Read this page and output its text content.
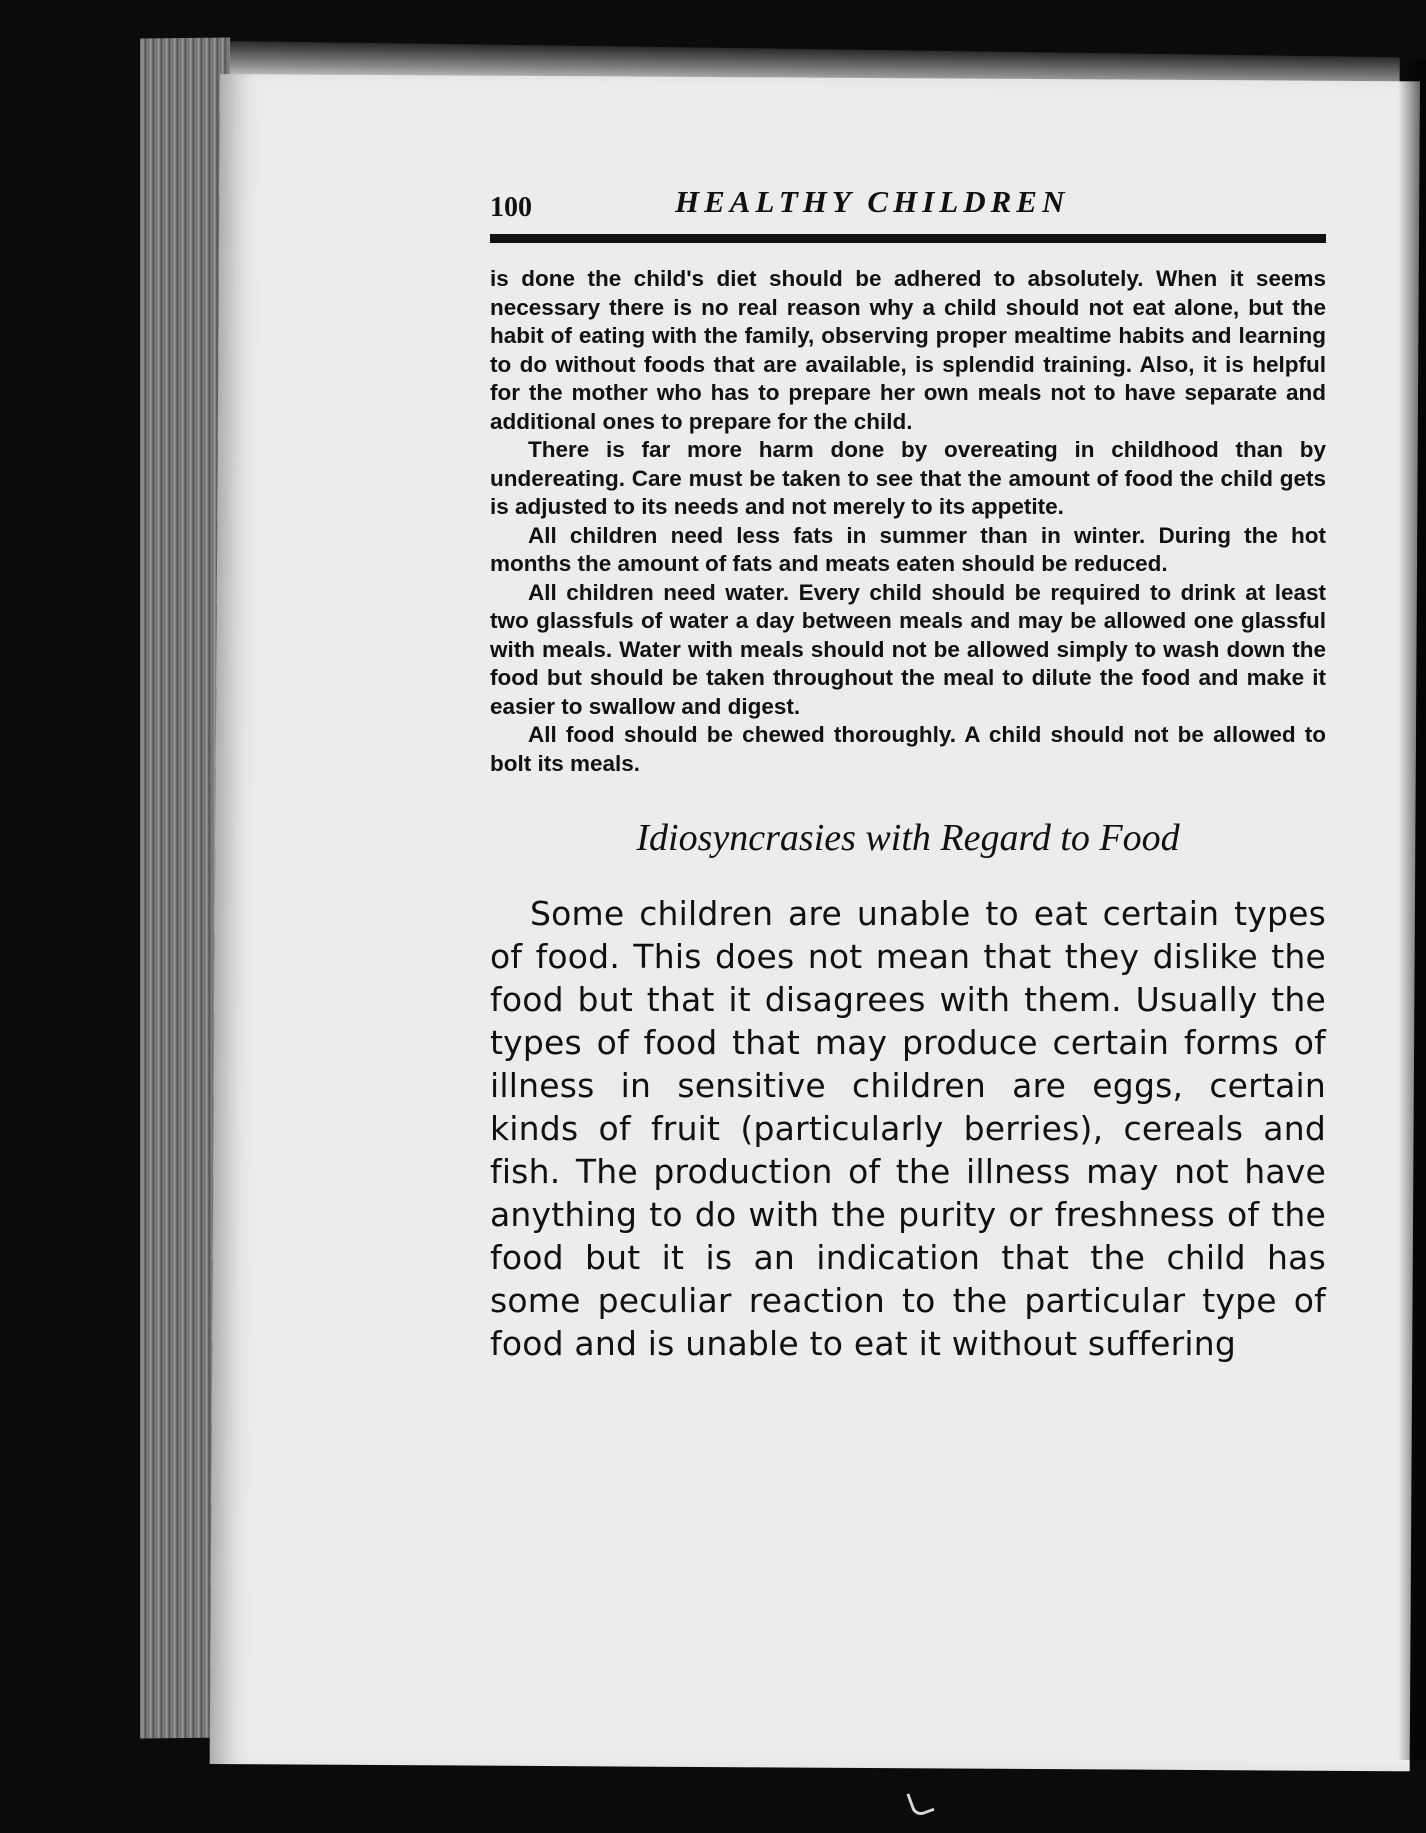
100	HEALTHY CHILDREN

is done the child's diet should be adhered to absolutely. When it seems necessary there is no real reason why a child should not eat alone, but the habit of eating with the family, observing proper mealtime habits and learning to do without foods that are available, is splendid training. Also, it is helpful for the mother who has to prepare her own meals not to have separate and additional ones to prepare for the child.

There is far more harm done by overeating in childhood than by undereating. Care must be taken to see that the amount of food the child gets is adjusted to its needs and not merely to its appetite.

All children need less fats in summer than in winter. During the hot months the amount of fats and meats eaten should be reduced.

All children need water. Every child should be required to drink at least two glassfuls of water a day between meals and may be allowed one glassful with meals. Water with meals should not be allowed simply to wash down the food but should be taken throughout the meal to dilute the food and make it easier to swallow and digest.

All food should be chewed thoroughly. A child should not be allowed to bolt its meals.

Idiosyncrasies with Regard to Food

Some children are unable to eat certain types of food. This does not mean that they dislike the food but that it disagrees with them. Usually the types of food that may produce certain forms of illness in sensitive children are eggs, certain kinds of fruit (particularly berries), cereals and fish. The production of the illness may not have anything to do with the purity or freshness of the food but it is an indication that the child has some peculiar reaction to the particular type of food and is unable to eat it without suffering
